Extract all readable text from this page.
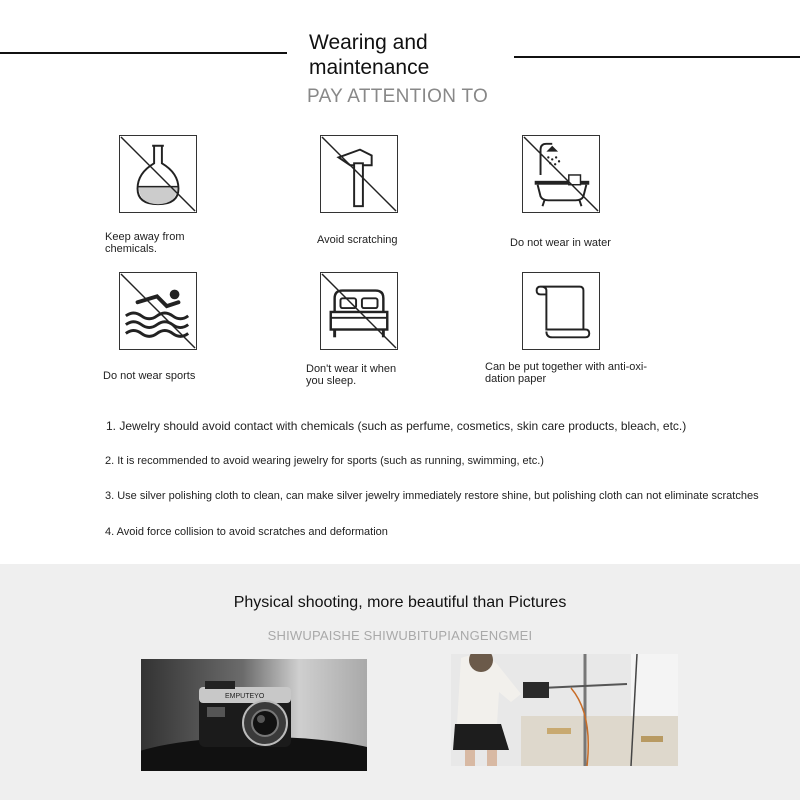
Wearing and maintenance
PAY ATTENTION TO
Keep away from chemicals.
Avoid scratching	Do not wear in water
Do not wear sports
Don't wear it when you sleep.
Can be put together with anti-oxi-dation paper
1. Jewelry should avoid contact with chemicals (such as perfume, cosmetics, skin care products, bleach, etc.)
2. It is recommended to avoid wearing jewelry for sports (such as running, swimming, etc.)
3. Use silver polishing cloth to clean, can make silver jewelry immediately restore shine, but polishing cloth can not eliminate scratches
4. Avoid force collision to avoid scratches and deformation
Physical shooting, more beautiful than Pictures
SHIWUPAISHE SHIWUBITUPIANGENGMEI
EMPUTEYO
